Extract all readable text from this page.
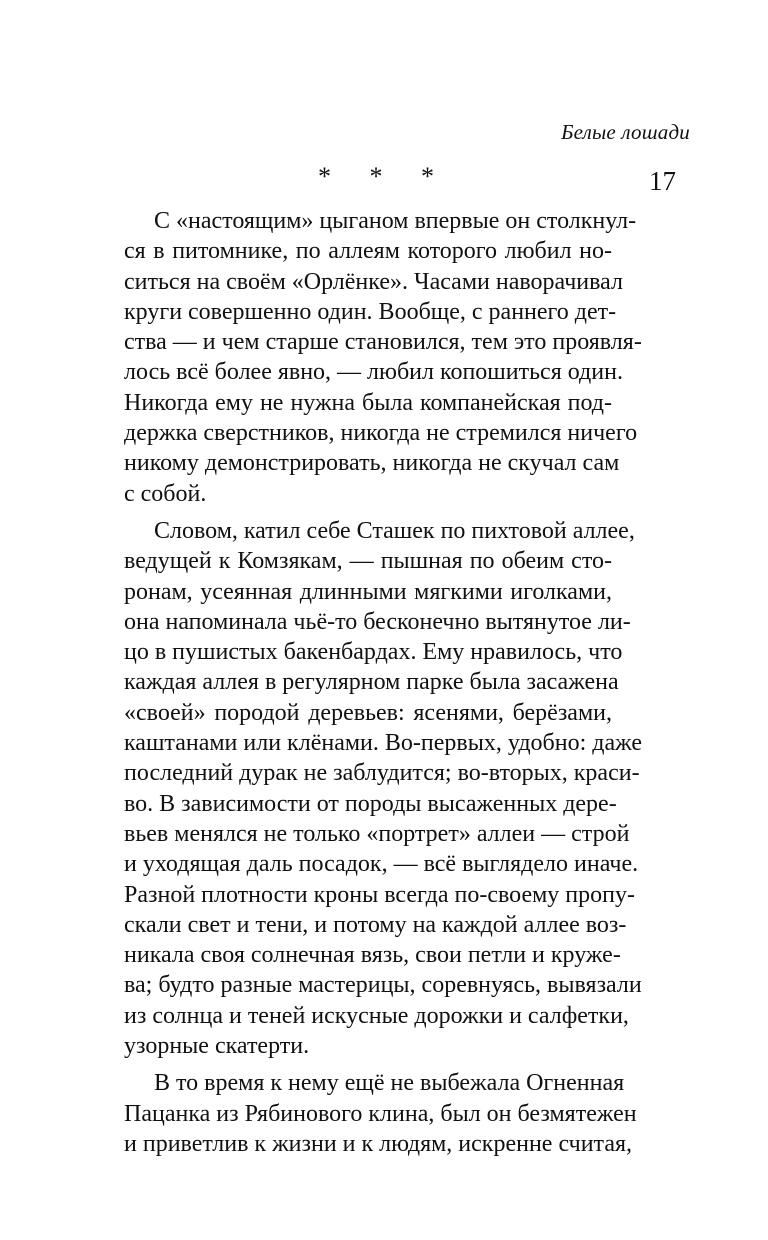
Белые лошади
17
* * *
С «настоящим» цыганом впервые он столкнул-
ся в питомнике, по аллеям которого любил но-
ситься на своём «Орлёнке». Часами наворачивал
круги совершенно один. Вообще, с раннего дет-
ства — и чем старше становился, тем это проявля-
лось всё более явно, — любил копошиться один.
Никогда ему не нужна была компанейская под-
держка сверстников, никогда не стремился ничего
никому демонстрировать, никогда не скучал сам
с собой.
Словом, катил себе Сташек по пихтовой аллее,
ведущей к Комзякам, — пышная по обеим сто-
ронам, усеянная длинными мягкими иголками,
она напоминала чьё-то бесконечно вытянутое ли-
цо в пушистых бакенбардах. Ему нравилось, что
каждая аллея в регулярном парке была засажена
«своей» породой деревьев: ясенями, берёзами,
каштанами или клёнами. Во-первых, удобно: даже
последний дурак не заблудится; во-вторых, краси-
во. В зависимости от породы высаженных дере-
вьев менялся не только «портрет» аллеи — строй
и уходящая даль посадок, — всё выглядело иначе.
Разной плотности кроны всегда по-своему пропу-
скали свет и тени, и потому на каждой аллее воз-
никала своя солнечная вязь, свои петли и круже-
ва; будто разные мастерицы, соревнуясь, вывязали
из солнца и теней искусные дорожки и салфетки,
узорные скатерти.
В то время к нему ещё не выбежала Огненная
Пацанка из Рябинового клина, был он безмятежен
и приветлив к жизни и к людям, искренне считая,
